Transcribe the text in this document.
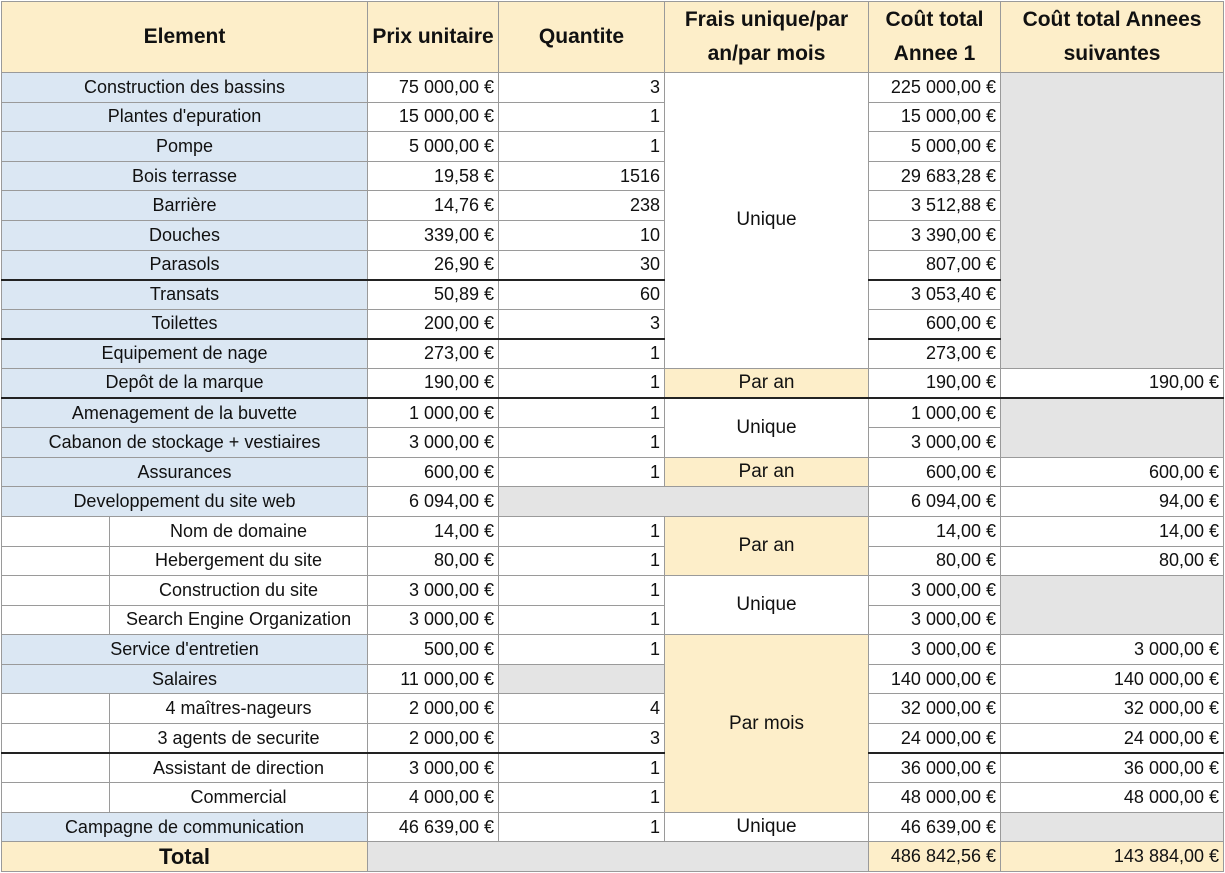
Element		Prix unitaire	Quantite	Frais unique/par an/par mois	Coût total Annee 1	Coût total Annees suivantes
Construction des bassins		75 000,00 €	3	Unique	225 000,00 €	
Plantes d'epuration		15 000,00 €	1		15 000,00 €	
Pompe		5 000,00 €	1		5 000,00 €	
Bois terrasse		19,58 €	1516		29 683,28 €	
Barrière		14,76 €	238		3 512,88 €	
Douches		339,00 €	10		3 390,00 €	
Parasols		26,90 €	30		807,00 €	
Transats		50,89 €	60		3 053,40 €	
Toilettes		200,00 €	3		600,00 €	
Equipement de nage		273,00 €	1		273,00 €	
Depôt de la marque		190,00 €	1	Par an	190,00 €	190,00 €
Amenagement de la buvette		1 000,00 €	1	Unique	1 000,00 €	
Cabanon de stockage + vestiaires		3 000,00 €	1		3 000,00 €	
Assurances		600,00 €	1	Par an	600,00 €	600,00 €
Developpement du site web		6 094,00 €			6 094,00 €	94,00 €
	Nom de domaine	14,00 €	1	Par an	14,00 €	14,00 €
	Hebergement du site	80,00 €	1		80,00 €	80,00 €
	Construction du site	3 000,00 €	1	Unique	3 000,00 €	
	Search Engine Organization	3 000,00 €	1		3 000,00 €	
Service d'entretien		500,00 €	1	Par mois	3 000,00 €	3 000,00 €
Salaires		11 000,00 €			140 000,00 €	140 000,00 €
	4 maîtres-nageurs	2 000,00 €	4		32 000,00 €	32 000,00 €
	3 agents de securite	2 000,00 €	3		24 000,00 €	24 000,00 €
	Assistant de direction	3 000,00 €	1		36 000,00 €	36 000,00 €
	Commercial	4 000,00 €	1		48 000,00 €	48 000,00 €
Campagne de communication		46 639,00 €	1	Unique	46 639,00 €	
Total					486 842,56 €	143 884,00 €
